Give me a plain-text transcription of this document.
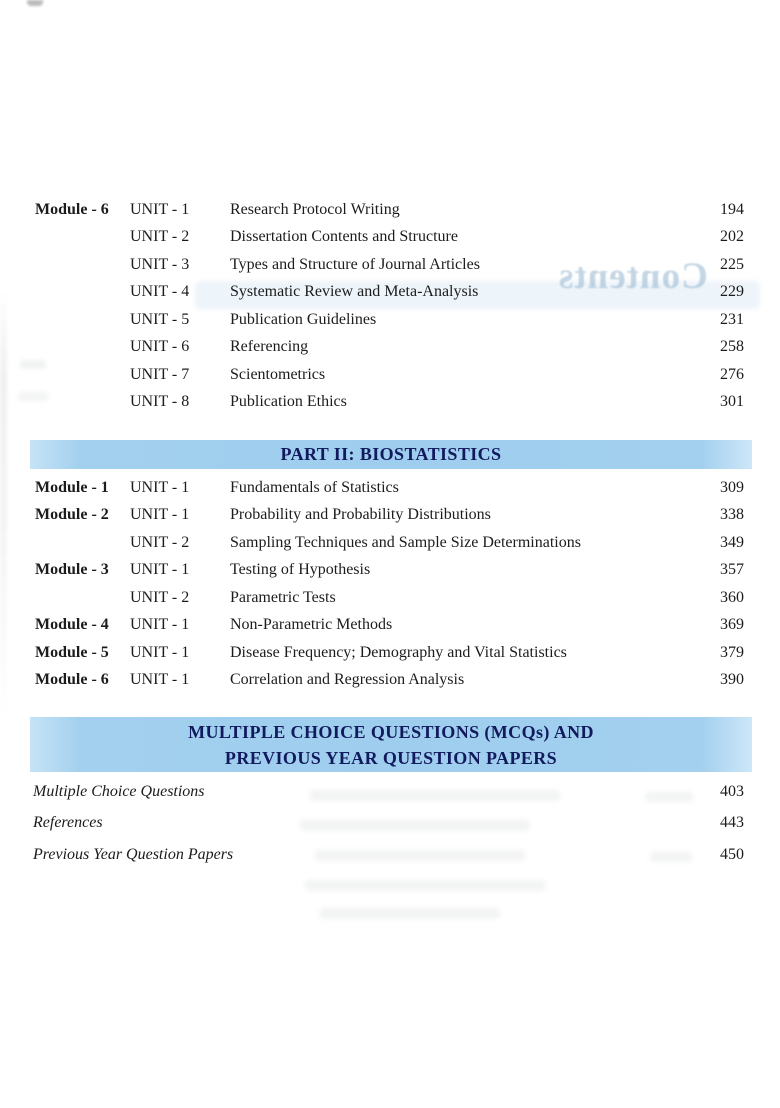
Contents
Module - 6	UNIT - 1	Research Protocol Writing	194
UNIT - 2	Dissertation Contents and Structure	202
UNIT - 3	Types and Structure of Journal Articles	225
UNIT - 4	Systematic Review and Meta-Analysis	229
UNIT - 5	Publication Guidelines	231
UNIT - 6	Referencing	258
UNIT - 7	Scientometrics	276
UNIT - 8	Publication Ethics	301
PART II: BIOSTATISTICS
Module - 1	UNIT - 1	Fundamentals of Statistics	309
Module - 2	UNIT - 1	Probability and Probability Distributions	338
UNIT - 2	Sampling Techniques and Sample Size Determinations	349
Module - 3	UNIT - 1	Testing of Hypothesis	357
UNIT - 2	Parametric Tests	360
Module - 4	UNIT - 1	Non-Parametric Methods	369
Module - 5	UNIT - 1	Disease Frequency; Demography and Vital Statistics	379
Module - 6	UNIT - 1	Correlation and Regression Analysis	390
MULTIPLE CHOICE QUESTIONS (MCQs) AND
PREVIOUS YEAR QUESTION PAPERS
Multiple Choice Questions	403
References	443
Previous Year Question Papers	450
